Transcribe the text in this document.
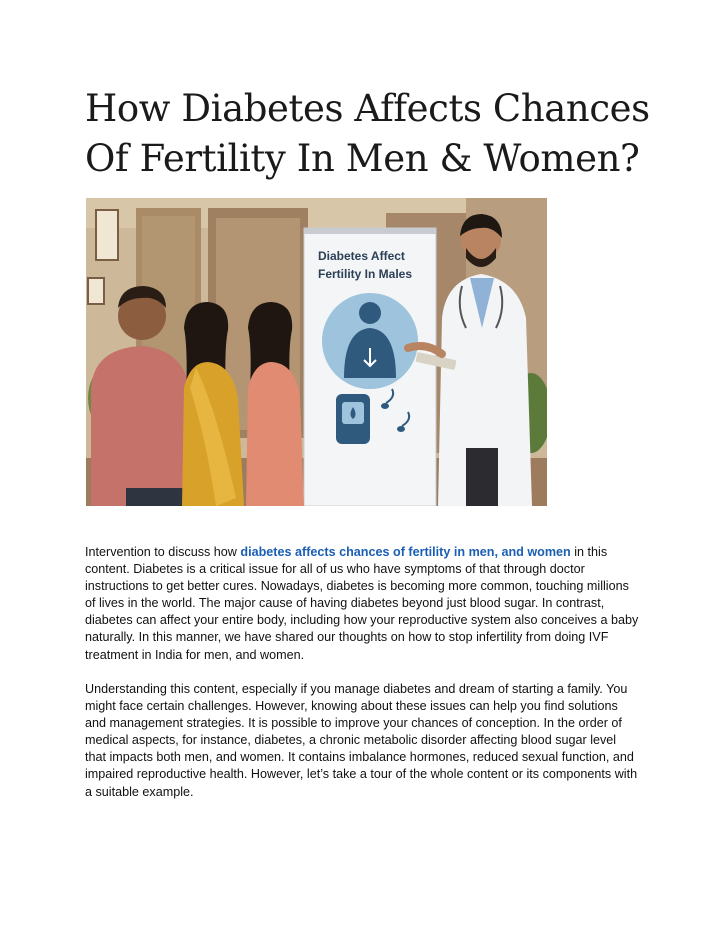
How Diabetes Affects Chances
Of Fertility In Men & Women?
Diabetes Affect
Fertility In Males

Intervention to discuss how diabetes affects chances of fertility in men, and women in this content. Diabetes is a critical issue for all of us who have symptoms of that through doctor instructions to get better cures. Nowadays, diabetes is becoming more common, touching millions of lives in the world. The major cause of having diabetes beyond just blood sugar. In contrast, diabetes can affect your entire body, including how your reproductive system also conceives a baby naturally. In this manner, we have shared our thoughts on how to stop infertility from doing IVF treatment in India for men, and women.

Understanding this content, especially if you manage diabetes and dream of starting a family. You might face certain challenges. However, knowing about these issues can help you find solutions and management strategies. It is possible to improve your chances of conception. In the order of medical aspects, for instance, diabetes, a chronic metabolic disorder affecting blood sugar level that impacts both men, and women. It contains imbalance hormones, reduced sexual function, and impaired reproductive health. However, let’s take a tour of the whole content or its components with a suitable example.
